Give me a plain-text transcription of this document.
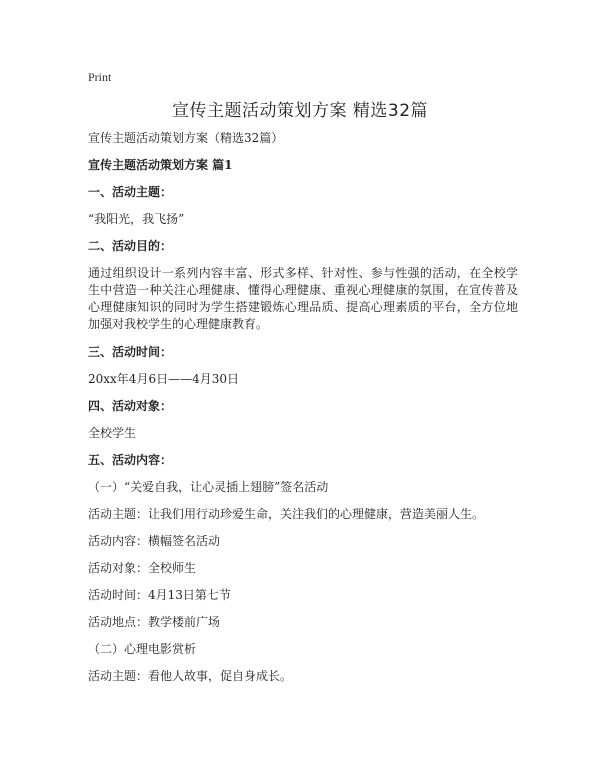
Print
宣传主题活动策划方案 精选32篇

宣传主题活动策划方案（精选32篇）

宣传主题活动策划方案 篇1

一、活动主题：

“我阳光，我飞扬”

二、活动目的：

通过组织设计一系列内容丰富、形式多样、针对性、参与性强的活动，在全校学生中营造一种关注心理健康、懂得心理健康、重视心理健康的氛围，在宣传普及心理健康知识的同时为学生搭建锻炼心理品质、提高心理素质的平台，全方位地加强对我校学生的心理健康教育。

三、活动时间：

20xx年4月6日——4月30日

四、活动对象：

全校学生

五、活动内容：

（一）“关爱自我，让心灵插上翅膀”签名活动

活动主题：让我们用行动珍爱生命，关注我们的心理健康，营造美丽人生。

活动内容：横幅签名活动

活动对象：全校师生

活动时间：4月13日第七节

活动地点：教学楼前广场

（二）心理电影赏析

活动主题：看他人故事，促自身成长。
